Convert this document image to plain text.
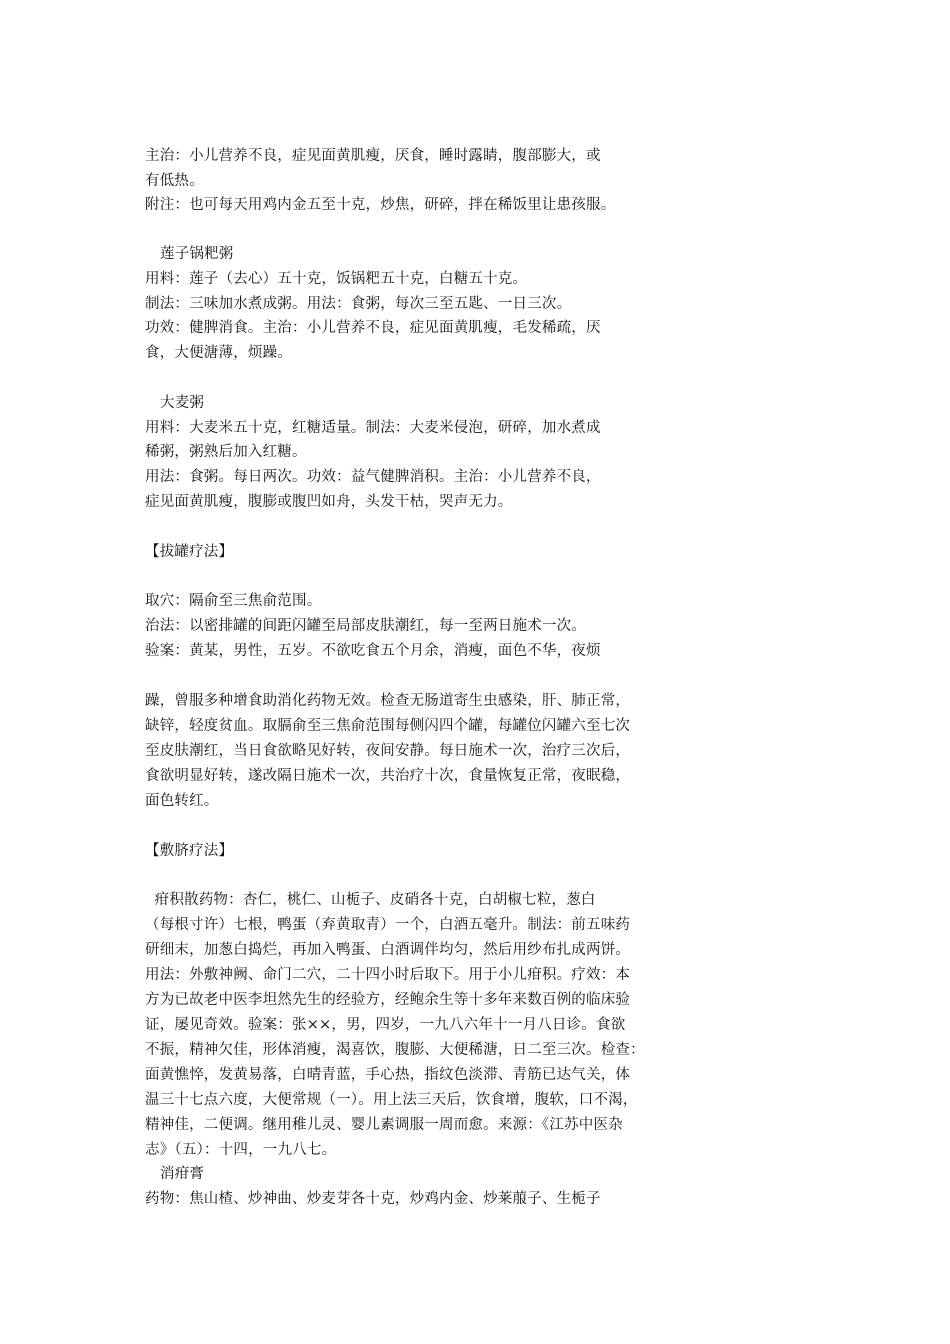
主治：小儿营养不良，症见面黄肌瘦，厌食，睡时露睛，腹部膨大，或
有低热。
附注：也可每天用鸡内金五至十克，炒焦，研碎，拌在稀饭里让患孩服。
莲子锅粑粥
用料：莲子（去心）五十克，饭锅粑五十克，白糖五十克。
制法：三味加水煮成粥。用法：食粥，每次三至五匙、一日三次。
功效：健脾消食。主治：小儿营养不良，症见面黄肌瘦，毛发稀疏，厌
食，大便溏薄，烦躁。
大麦粥
用料：大麦米五十克，红糖适量。制法：大麦米侵泡，研碎，加水煮成
稀粥，粥熟后加入红糖。
用法：食粥。每日两次。功效：益气健脾消积。主治：小儿营养不良，
症见面黄肌瘦，腹膨或腹凹如舟，头发干枯，哭声无力。
【拔罐疗法】
取穴：隔俞至三焦俞范围。
治法：以密排罐的间距闪罐至局部皮肤潮红，每一至两日施术一次。
验案：黄某，男性，五岁。不欲吃食五个月余，消瘦，面色不华，夜烦
躁，曾服多种增食助消化药物无效。检查无肠道寄生虫感染，肝、肺正常，
缺锌，轻度贫血。取膈俞至三焦俞范围每侧闪四个罐，每罐位闪罐六至七次
至皮肤潮红，当日食欲略见好转，夜间安静。每日施术一次，治疗三次后，
食欲明显好转，遂改隔日施术一次，共治疗十次，食量恢复正常，夜眠稳，
面色转红。
【敷脐疗法】
疳积散药物：杏仁，桃仁、山栀子、皮硝各十克，白胡椒七粒，葱白
（每根寸许）七根，鸭蛋（弃黄取青）一个，白酒五毫升。制法：前五味药
研细末，加葱白捣烂，再加入鸭蛋、白酒调伴均匀，然后用纱布扎成两饼。
用法：外敷神阙、命门二穴，二十四小时后取下。用于小儿疳积。疗效：本
方为已故老中医李坦然先生的经验方，经鲍余生等十多年来数百例的临床验
证，屡见奇效。验案：张××，男，四岁，一九八六年十一月八日诊。食欲
不振，精神欠佳，形体消瘦，渴喜饮，腹膨、大便稀溏，日二至三次。检查：
面黄憔悴，发黄易落，白晴青蓝，手心热，指纹色淡滞、青筋已达气关，体
温三十七点六度，大便常规（一）。用上法三天后，饮食增，腹软，口不渴，
精神佳，二便调。继用稚儿灵、婴儿素调服一周而愈。来源：《江苏中医杂
志》（五）：十四，一九八七。
消疳膏
药物：焦山楂、炒神曲、炒麦芽各十克，炒鸡内金、炒莱菔子、生栀子
